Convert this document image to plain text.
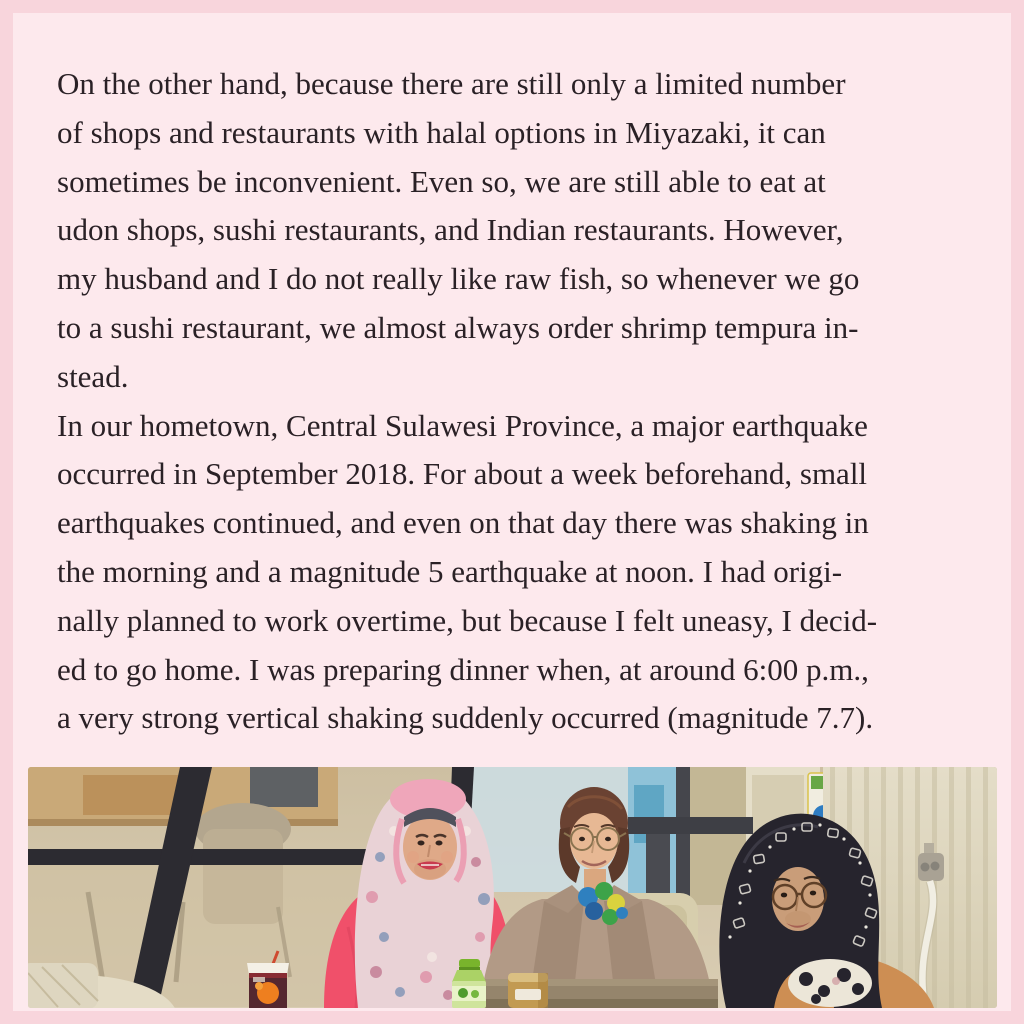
On the other hand, because there are still only a limited number
of shops and restaurants with halal options in Miyazaki, it can
sometimes be inconvenient. Even so, we are still able to eat at
udon shops, sushi restaurants, and Indian restaurants. However,
my husband and I do not really like raw fish, so whenever we go
to a sushi restaurant, we almost always order shrimp tempura in-
stead.
In our hometown, Central Sulawesi Province, a major earthquake
occurred in September 2018. For about a week beforehand, small
earthquakes continued, and even on that day there was shaking in
the morning and a magnitude 5 earthquake at noon. I had origi-
nally planned to work overtime, but because I felt uneasy, I decid-
ed to go home. I was preparing dinner when, at around 6:00 p.m.,
a very strong vertical shaking suddenly occurred (magnitude 7.7).
